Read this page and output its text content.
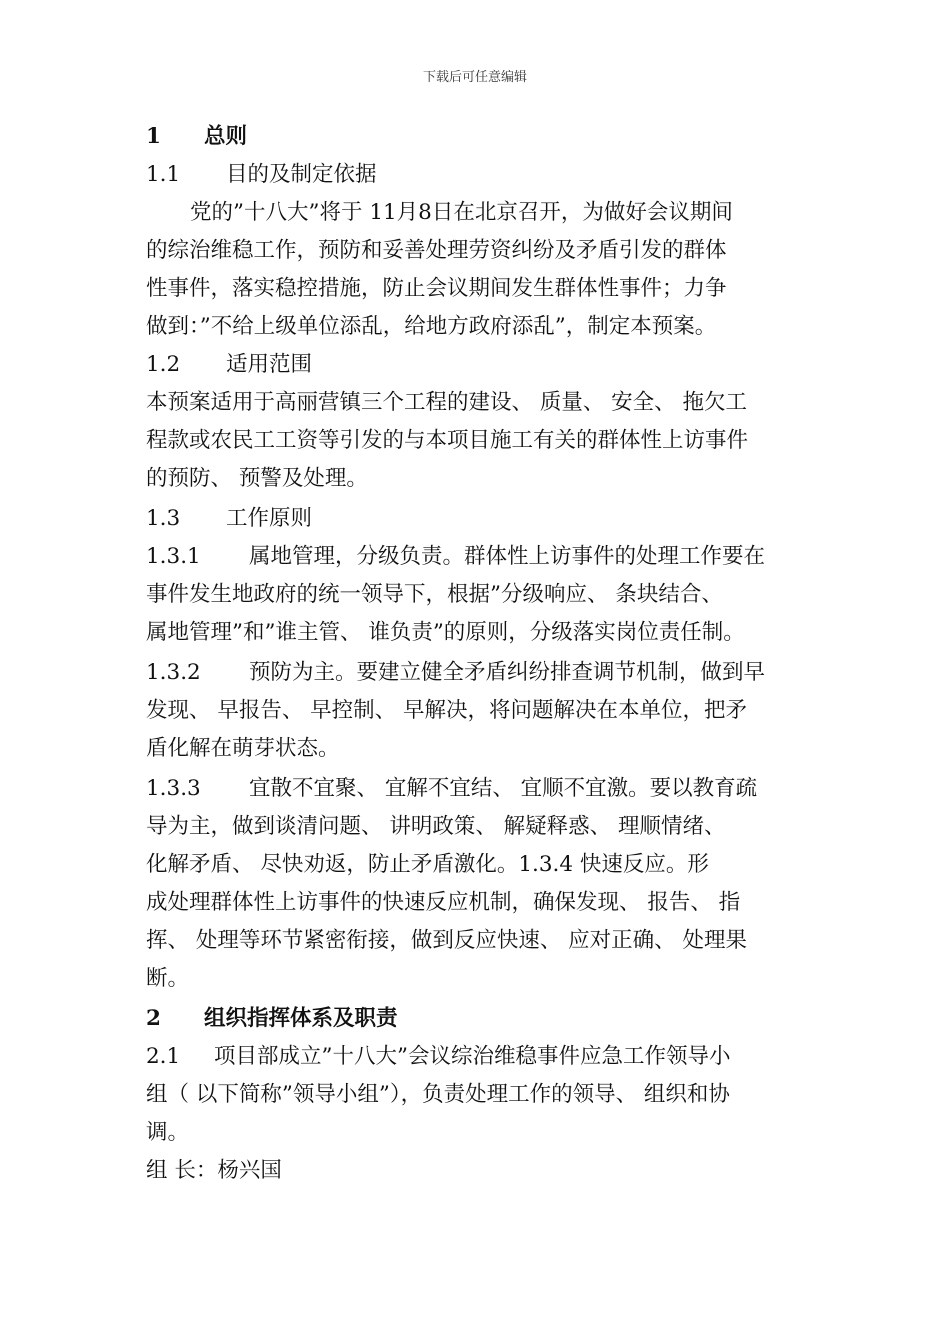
下载后可任意编辑
1 总则
1.1 目的及制定依据
党的”十八大”将于 11月8日在北京召开，为做好会议期间
的综治维稳工作，预防和妥善处理劳资纠纷及矛盾引发的群体
性事件，落实稳控措施，防止会议期间发生群体性事件；力争
做到：”不给上级单位添乱，给地方政府添乱”，制定本预案。
1.2 适用范围
本预案适用于高丽营镇三个工程的建设、 质量、 安全、 拖欠工
程款或农民工工资等引发的与本项目施工有关的群体性上访事件
的预防、 预警及处理。
1.3 工作原则
1.3.1 属地管理，分级负责。群体性上访事件的处理工作要在
事件发生地政府的统一领导下，根据”分级响应、 条块结合、
属地管理”和”谁主管、 谁负责”的原则，分级落实岗位责任制。
1.3.2 预防为主。要建立健全矛盾纠纷排查调节机制，做到早
发现、 早报告、 早控制、 早解决，将问题解决在本单位，把矛
盾化解在萌芽状态。
1.3.3 宜散不宜聚、 宜解不宜结、 宜顺不宜激。要以教育疏
导为主，做到谈清问题、 讲明政策、 解疑释惑、 理顺情绪、
化解矛盾、 尽快劝返，防止矛盾激化。1.3.4 快速反应。形
成处理群体性上访事件的快速反应机制，确保发现、 报告、 指
挥、 处理等环节紧密衔接，做到反应快速、 应对正确、 处理果
断。
2 组织指挥体系及职责
2.1 项目部成立”十八大”会议综治维稳事件应急工作领导小
组（ 以下简称”领导小组”），负责处理工作的领导、 组织和协
调。
组 长：杨兴国
